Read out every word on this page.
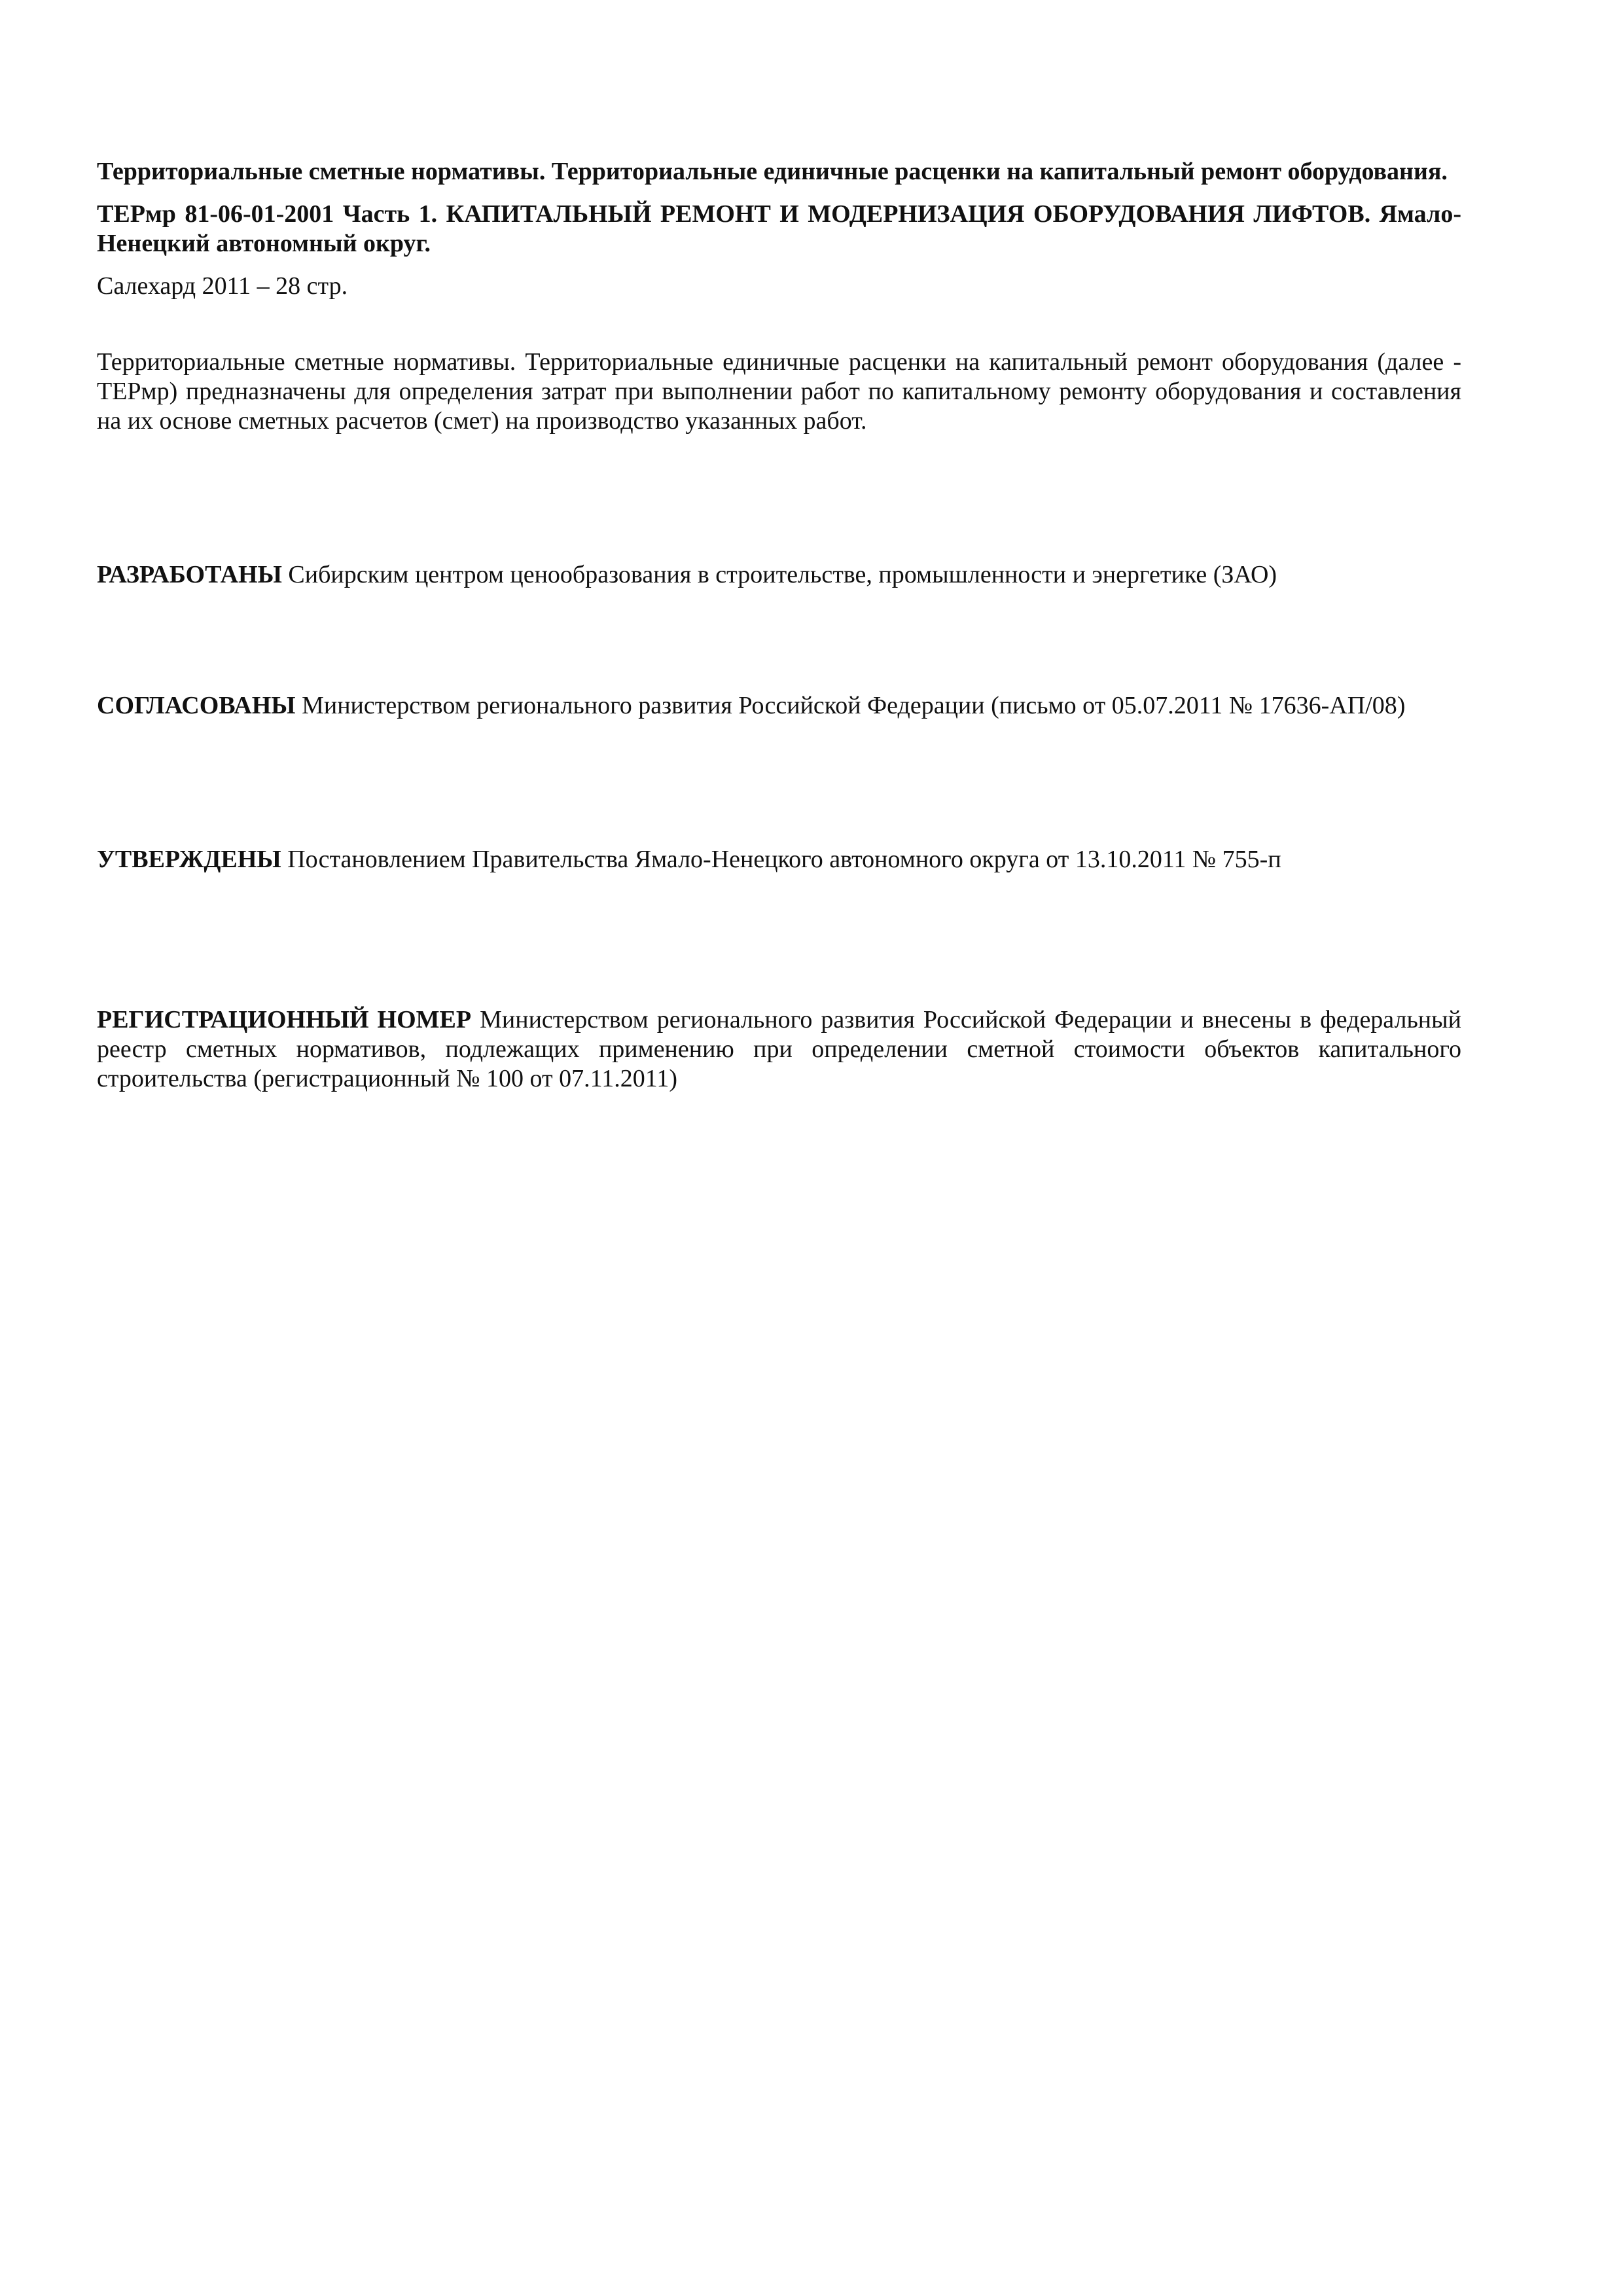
Территориальные сметные нормативы. Территориальные единичные расценки на капитальный ремонт оборудования.

ТЕРмр 81-06-01-2001 Часть 1. КАПИТАЛЬНЫЙ РЕМОНТ И МОДЕРНИЗАЦИЯ ОБОРУДОВАНИЯ ЛИФТОВ. Ямало-Ненецкий автономный округ.

Салехард 2011 – 28 стр.

Территориальные сметные нормативы. Территориальные единичные расценки на капитальный ремонт оборудования (далее - ТЕРмр) предназначены для определения затрат при выполнении работ по капитальному ремонту оборудования и составления на их основе сметных расчетов (смет) на производство указанных работ.

РАЗРАБОТАНЫ Сибирским центром ценообразования в строительстве, промышленности и энергетике (ЗАО)

СОГЛАСОВАНЫ Министерством регионального развития Российской Федерации (письмо от 05.07.2011 № 17636-АП/08)

УТВЕРЖДЕНЫ Постановлением Правительства Ямало-Ненецкого автономного округа от 13.10.2011 № 755-п

РЕГИСТРАЦИОННЫЙ НОМЕР Министерством регионального развития Российской Федерации и внесены в федеральный реестр сметных нормативов, подлежащих применению при определении сметной стоимости объектов капитального строительства (регистрационный № 100 от 07.11.2011)
